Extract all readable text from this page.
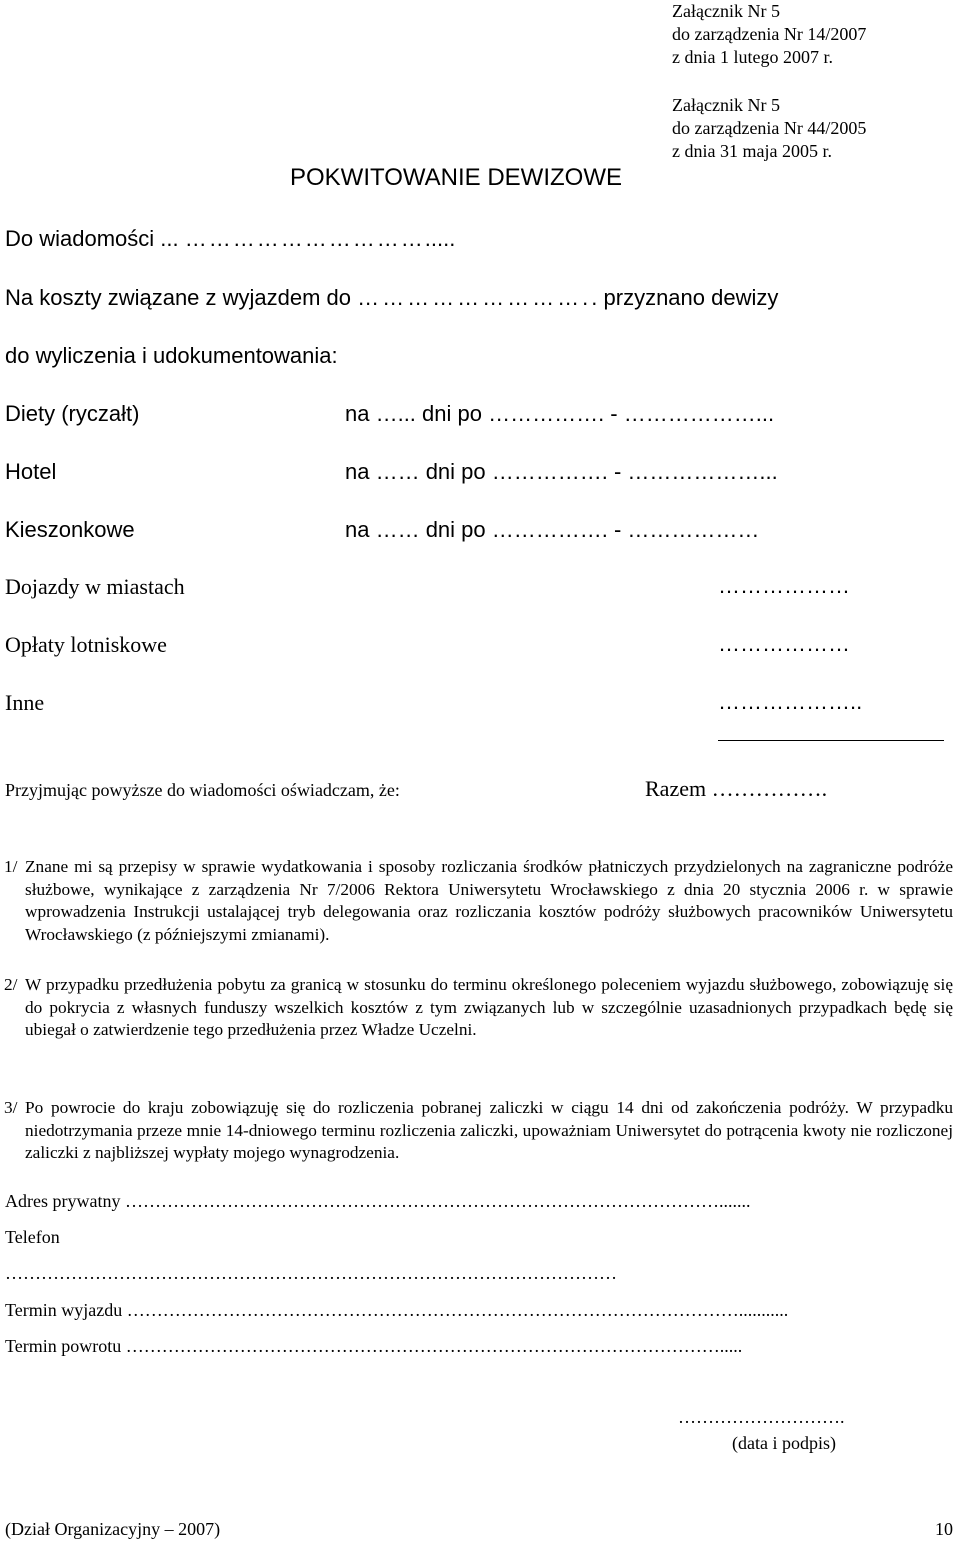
Załącznik Nr 5
do zarządzenia Nr 14/2007
z dnia 1 lutego 2007 r.
Załącznik Nr 5
do zarządzenia Nr 44/2005
z dnia 31 maja 2005 r.
POKWITOWANIE DEWIZOWE
Do wiadomości ... ………………………….....
Na koszty związane z wyjazdem do ……………………….. przyznano dewizy
do wyliczenia i udokumentowania:
Diety (ryczałt)	na …... dni po ……………. - ………………...
Hotel	na …… dni po ……………. - ………………...
Kieszonkowe	na …… dni po ……………. - ………………
Dojazdy w miastach	………………
Opłaty lotniskowe	………………
Inne	………………..
Przyjmując powyższe do wiadomości oświadczam, że:	Razem …………….
1/ Znane mi są przepisy w sprawie wydatkowania i sposoby rozliczania środków płatniczych przydzielonych na zagraniczne podróże służbowe, wynikające z zarządzenia Nr 7/2006 Rektora Uniwersytetu Wrocławskiego z dnia 20 stycznia 2006 r. w sprawie wprowadzenia Instrukcji ustalającej tryb delegowania oraz rozliczania kosztów podróży służbowych pracowników Uniwersytetu Wrocławskiego (z późniejszymi zmianami).
2/ W przypadku przedłużenia pobytu za granicą w stosunku do terminu określonego poleceniem wyjazdu służbowego, zobowiązuję się do pokrycia z własnych funduszy wszelkich kosztów z tym związanych lub w szczególnie uzasadnionych przypadkach będę się ubiegał o zatwierdzenie tego przedłużenia przez Władze Uczelni.
3/ Po powrocie do kraju zobowiązuję się do rozliczenia pobranej zaliczki w ciągu 14 dni od zakończenia podróży. W przypadku niedotrzymania przeze mnie 14-dniowego terminu rozliczenia zaliczki, upoważniam Uniwersytet do potrącenia kwoty nie rozliczonej zaliczki z najbliższej wypłaty mojego wynagrodzenia.
Adres prywatny ……………………………………………………………………………………….......
Telefon
…………………………………………………………………………………………
Termin wyjazdu …………………………………………………………………………………………...........
Termin powrotu ……………………………………………………………………………………….....
……………………….
(data i podpis)
(Dział Organizacyjny – 2007)	10
